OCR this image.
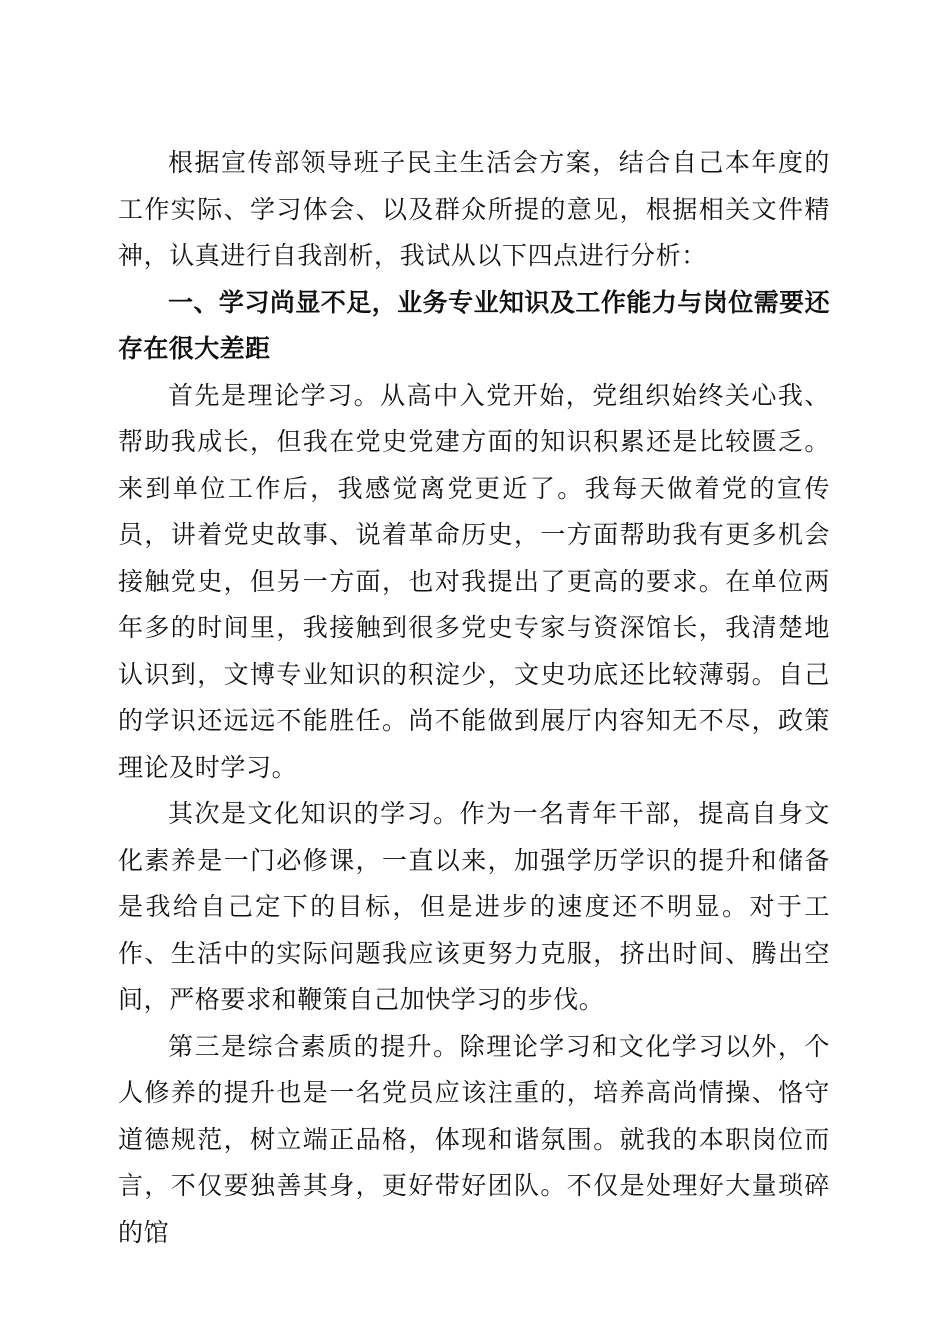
根据宣传部领导班子民主生活会方案，结合自己本年度的工作实际、学习体会、以及群众所提的意见，根据相关文件精神，认真进行自我剖析，我试从以下四点进行分析：

一、学习尚显不足，业务专业知识及工作能力与岗位需要还存在很大差距

首先是理论学习。从高中入党开始，党组织始终关心我、帮助我成长，但我在党史党建方面的知识积累还是比较匮乏。来到单位工作后，我感觉离党更近了。我每天做着党的宣传员，讲着党史故事、说着革命历史，一方面帮助我有更多机会接触党史，但另一方面，也对我提出了更高的要求。在单位两年多的时间里，我接触到很多党史专家与资深馆长，我清楚地认识到，文博专业知识的积淀少，文史功底还比较薄弱。自己的学识还远远不能胜任。尚不能做到展厅内容知无不尽，政策理论及时学习。

其次是文化知识的学习。作为一名青年干部，提高自身文化素养是一门必修课，一直以来，加强学历学识的提升和储备是我给自己定下的目标，但是进步的速度还不明显。对于工作、生活中的实际问题我应该更努力克服，挤出时间、腾出空间，严格要求和鞭策自己加快学习的步伐。

第三是综合素质的提升。除理论学习和文化学习以外，个人修养的提升也是一名党员应该注重的，培养高尚情操、恪守道德规范，树立端正品格，体现和谐氛围。就我的本职岗位而言，不仅要独善其身，更好带好团队。不仅是处理好大量琐碎的馆
